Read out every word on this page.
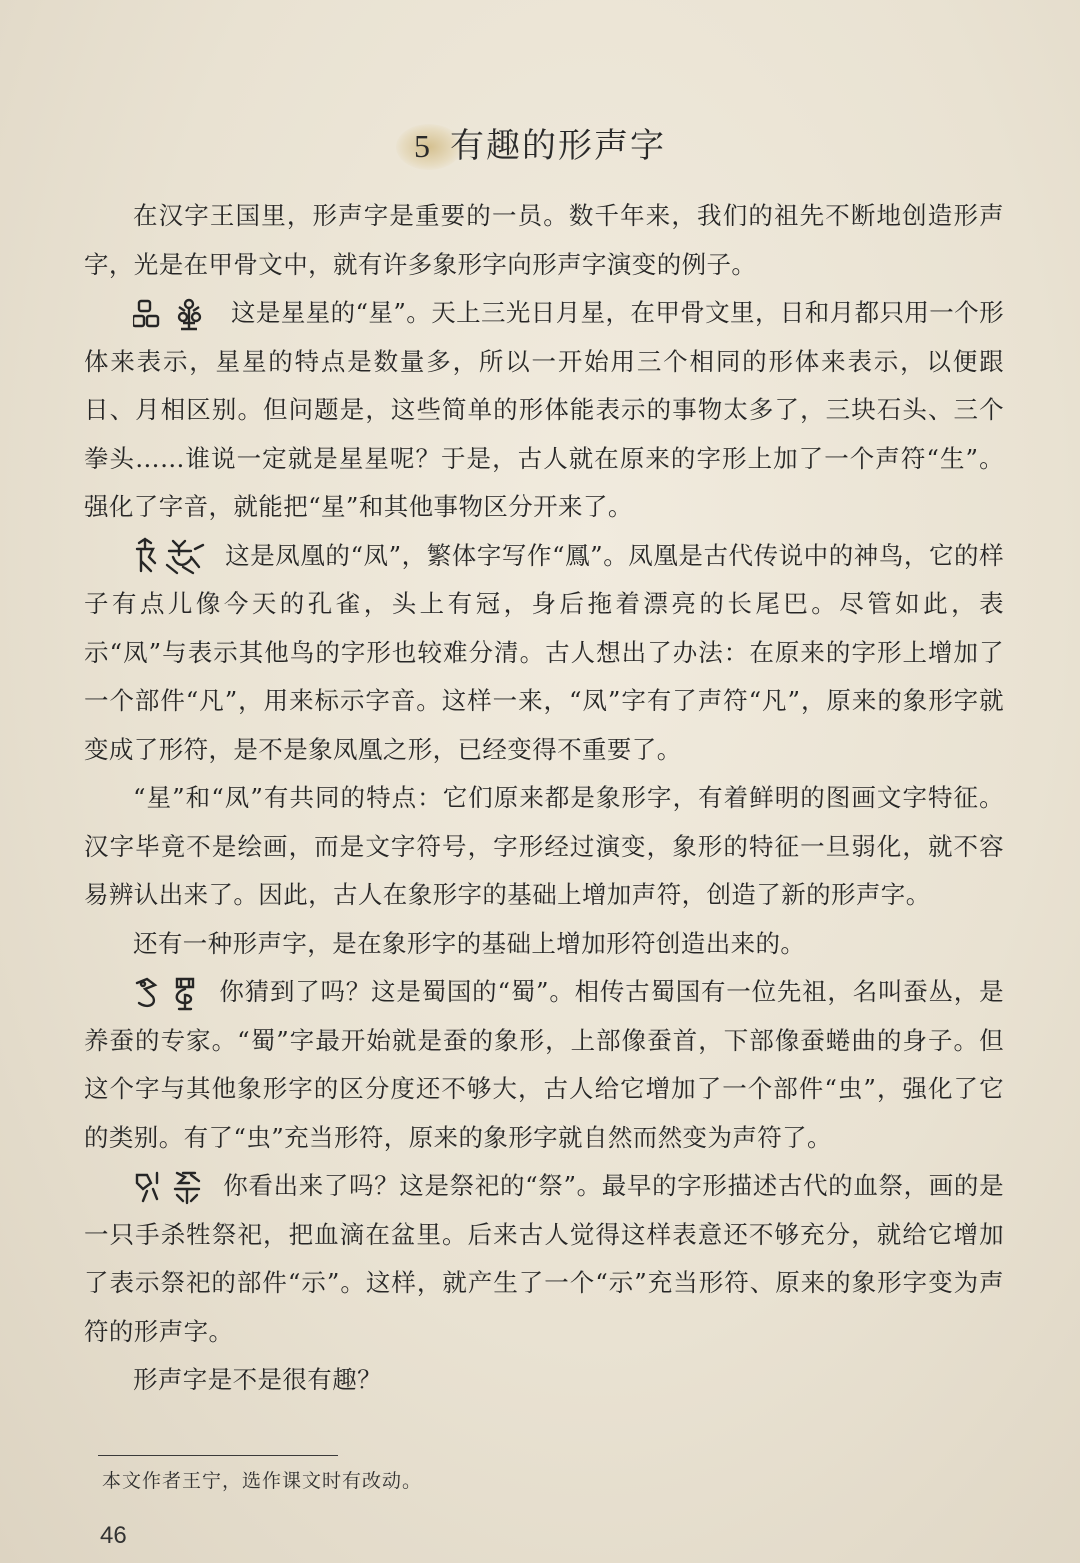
5 有趣的形声字

在汉字王国里，形声字是重要的一员。数千年来，我们的祖先不断地创造形声字，光是在甲骨文中，就有许多象形字向形声字演变的例子。

这是星星的“星”。天上三光日月星，在甲骨文里，日和月都只用一个形体来表示，星星的特点是数量多，所以一开始用三个相同的形体来表示，以便跟日、月相区别。但问题是，这些简单的形体能表示的事物太多了，三块石头、三个拳头……谁说一定就是星星呢？于是，古人就在原来的字形上加了一个声符“生”。强化了字音，就能把“星”和其他事物区分开来了。

这是凤凰的“凤”，繁体字写作“鳳”。凤凰是古代传说中的神鸟，它的样子有点儿像今天的孔雀，头上有冠，身后拖着漂亮的长尾巴。尽管如此，表示“凤”与表示其他鸟的字形也较难分清。古人想出了办法：在原来的字形上增加了一个部件“凡”，用来标示字音。这样一来，“凤”字有了声符“凡”，原来的象形字就变成了形符，是不是象凤凰之形，已经变得不重要了。

“星”和“凤”有共同的特点：它们原来都是象形字，有着鲜明的图画文字特征。汉字毕竟不是绘画，而是文字符号，字形经过演变，象形的特征一旦弱化，就不容易辨认出来了。因此，古人在象形字的基础上增加声符，创造了新的形声字。

还有一种形声字，是在象形字的基础上增加形符创造出来的。

你猜到了吗？这是蜀国的“蜀”。相传古蜀国有一位先祖，名叫蚕丛，是养蚕的专家。“蜀”字最开始就是蚕的象形，上部像蚕首，下部像蚕蜷曲的身子。但这个字与其他象形字的区分度还不够大，古人给它增加了一个部件“虫”，强化了它的类别。有了“虫”充当形符，原来的象形字就自然而然变为声符了。

你看出来了吗？这是祭祀的“祭”。最早的字形描述古代的血祭，画的是一只手杀牲祭祀，把血滴在盆里。后来古人觉得这样表意还不够充分，就给它增加了表示祭祀的部件“示”。这样，就产生了一个“示”充当形符、原来的象形字变为声符的形声字。

形声字是不是很有趣？

本文作者王宁，选作课文时有改动。
46
